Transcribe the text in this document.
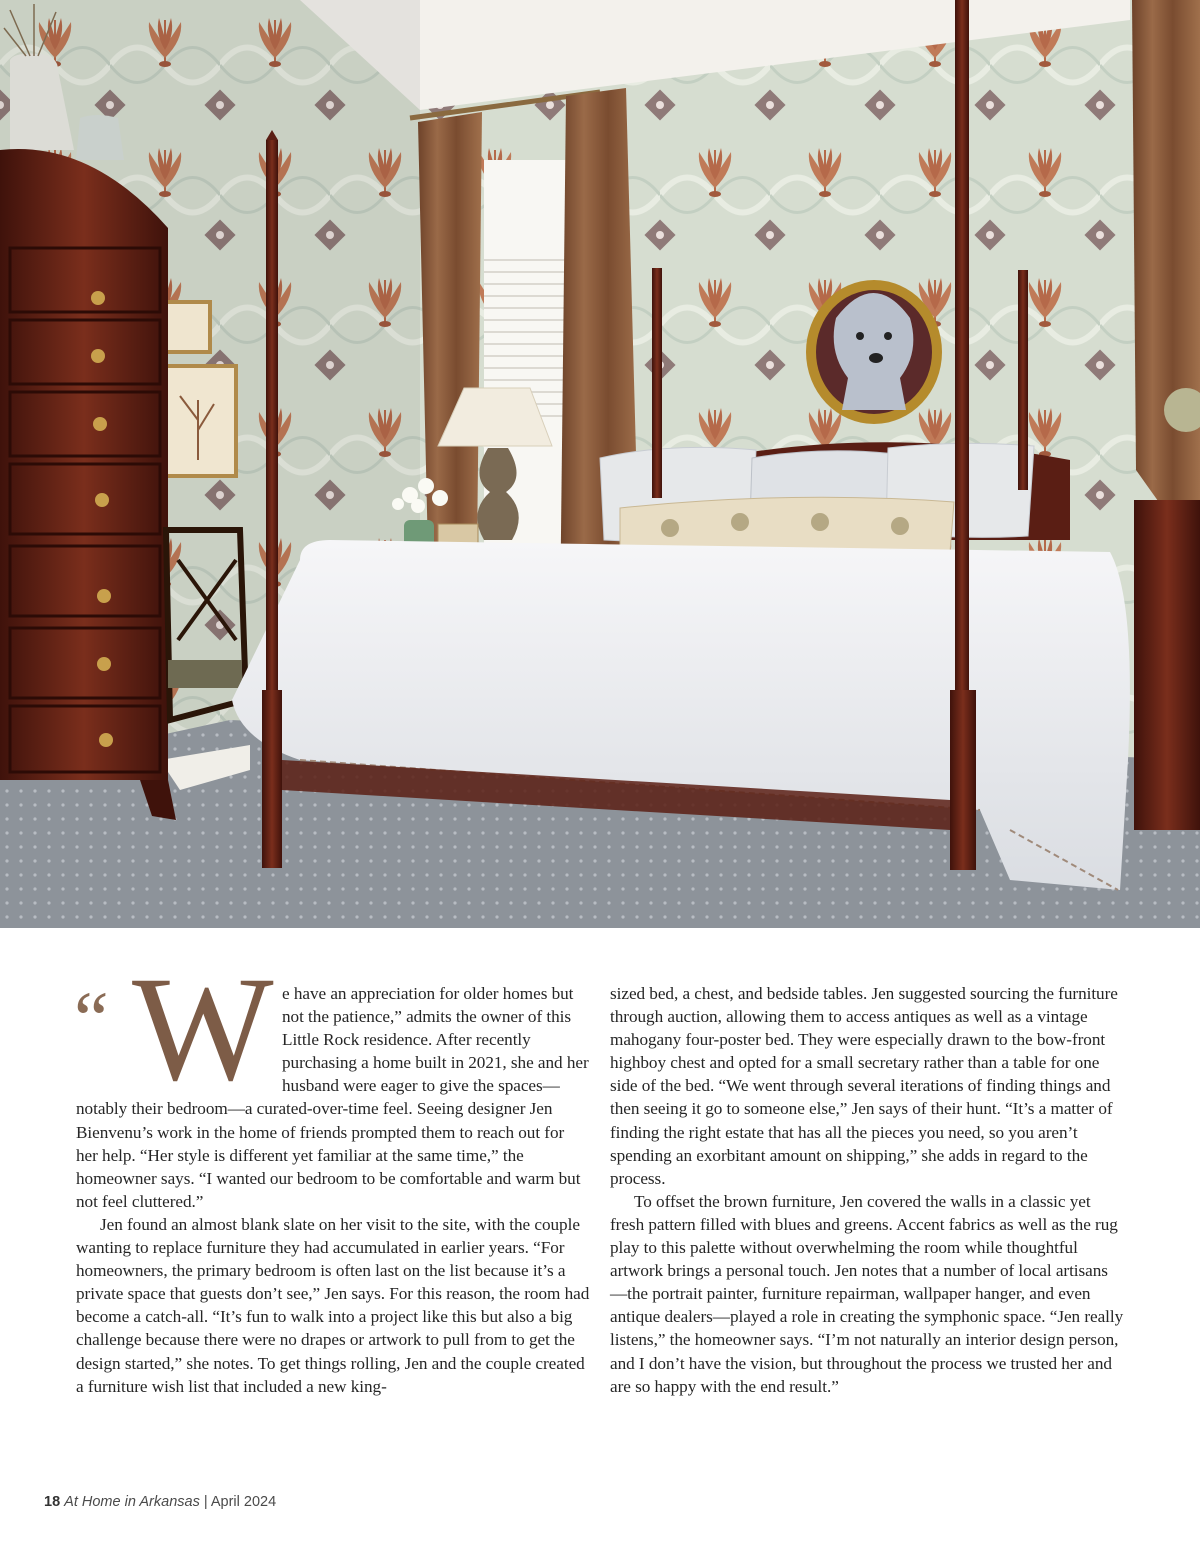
“ W e have an appreciation for older homes but not the patience,” admits the owner of this Little Rock residence. After recently purchasing a home built in 2021, she and her husband were eager to give the spaces—notably their bedroom—a curated-over-time feel. Seeing designer Jen Bienvenu’s work in the home of friends prompted them to reach out for her help. “Her style is different yet familiar at the same time,” the homeowner says. “I wanted our bedroom to be comfortable and warm but not feel cluttered.”

Jen found an almost blank slate on her visit to the site, with the couple wanting to replace furniture they had accumulated in earlier years. “For homeowners, the primary bedroom is often last on the list because it’s a private space that guests don’t see,” Jen says. For this reason, the room had become a catch-all. “It’s fun to walk into a project like this but also a big challenge because there were no drapes or artwork to pull from to get the design started,” she notes. To get things rolling, Jen and the couple created a furniture wish list that included a new king-

sized bed, a chest, and bedside tables. Jen suggested sourcing the furniture through auction, allowing them to access antiques as well as a vintage mahogany four-poster bed. They were especially drawn to the bow-front highboy chest and opted for a small secretary rather than a table for one side of the bed. “We went through several iterations of finding things and then seeing it go to someone else,” Jen says of their hunt. “It’s a matter of finding the right estate that has all the pieces you need, so you aren’t spending an exorbitant amount on shipping,” she adds in regard to the process.

To offset the brown furniture, Jen covered the walls in a classic yet fresh pattern filled with blues and greens. Accent fabrics as well as the rug play to this palette without overwhelming the room while thoughtful artwork brings a personal touch. Jen notes that a number of local artisans—the portrait painter, furniture repairman, wallpaper hanger, and even antique dealers—played a role in creating the symphonic space. “Jen really listens,” the homeowner says. “I’m not naturally an interior design person, and I don’t have the vision, but throughout the process we trusted her and are so happy with the end result.”

18 At Home in Arkansas | April 2024
